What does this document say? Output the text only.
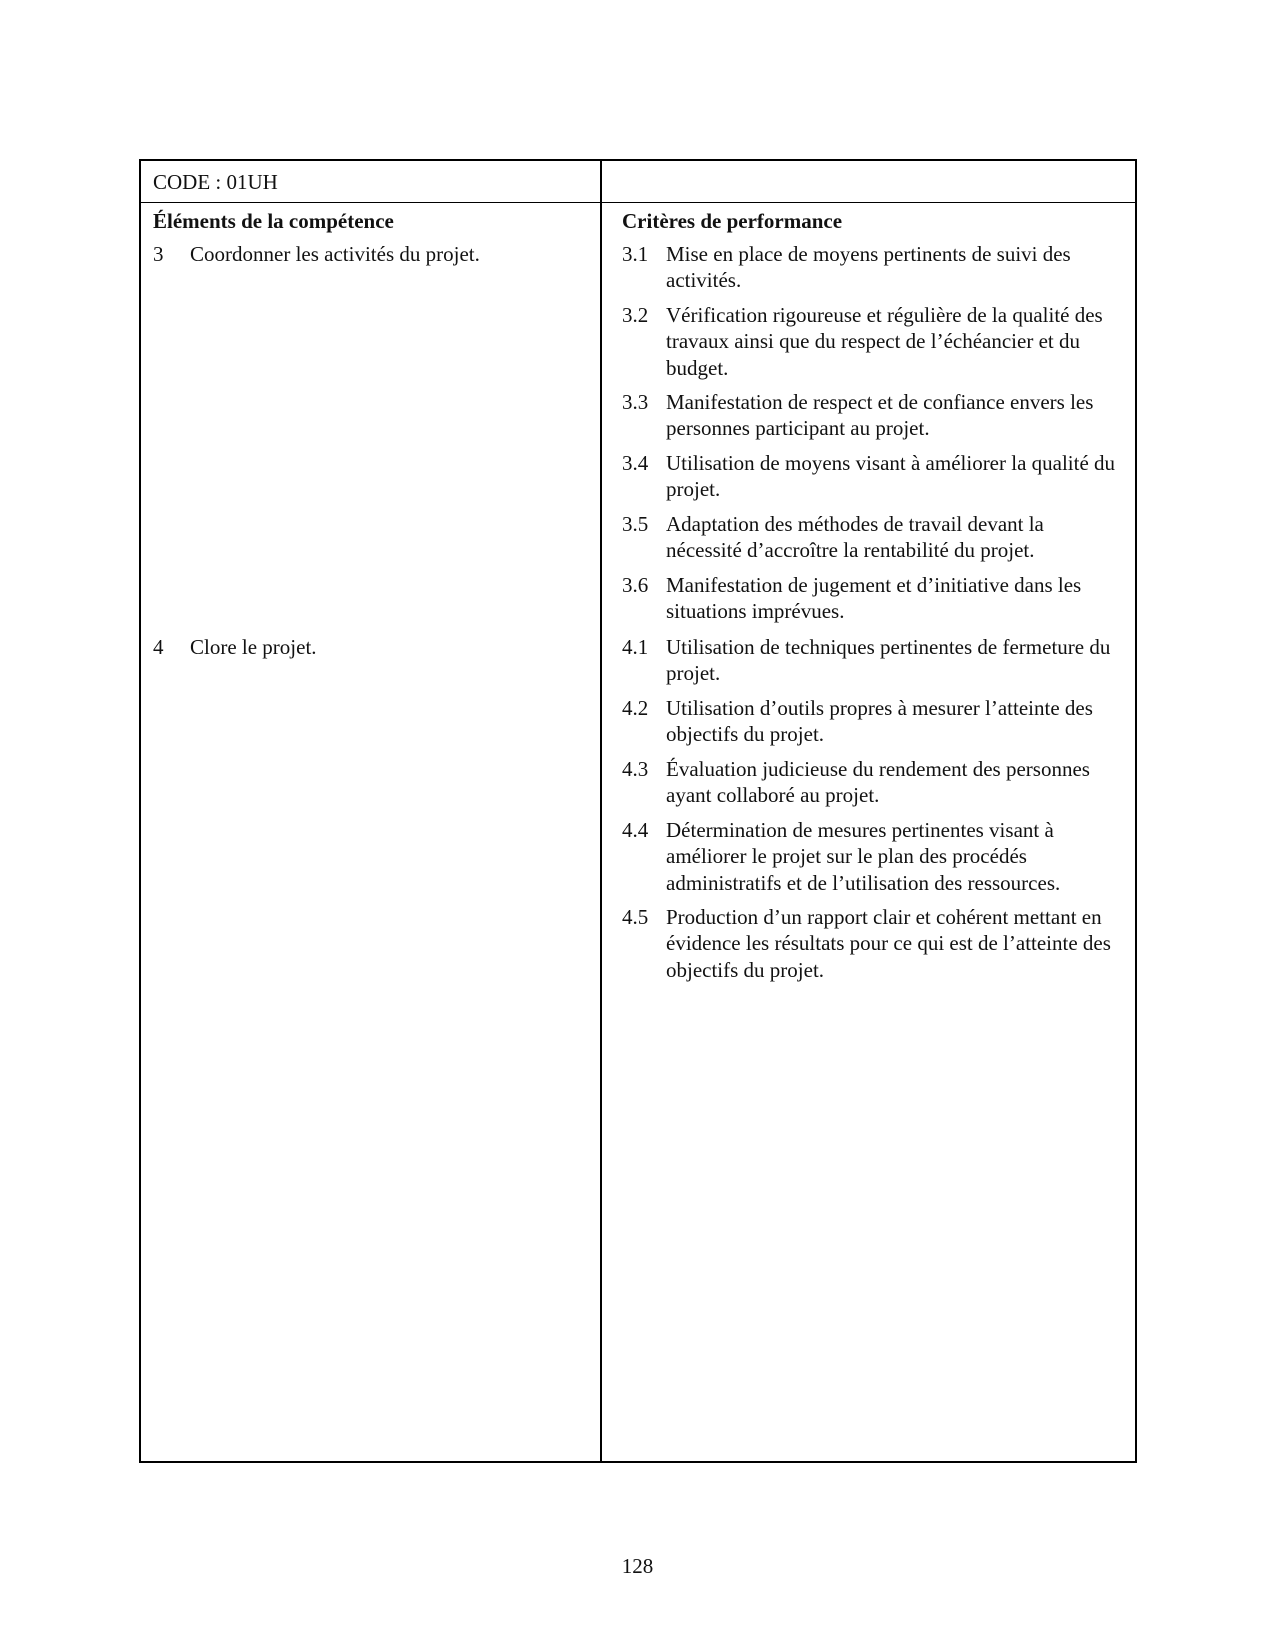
CODE : 01UH
Éléments de la compétence	Critères de performance
3 Coordonner les activités du projet.
4 Clore le projet.
3.1 Mise en place de moyens pertinents de suivi des activités.
3.2 Vérification rigoureuse et régulière de la qualité des travaux ainsi que du respect de l’échéancier et du budget.
3.3 Manifestation de respect et de confiance envers les personnes participant au projet.
3.4 Utilisation de moyens visant à améliorer la qualité du projet.
3.5 Adaptation des méthodes de travail devant la nécessité d’accroître la rentabilité du projet.
3.6 Manifestation de jugement et d’initiative dans les situations imprévues.
4.1 Utilisation de techniques pertinentes de fermeture du projet.
4.2 Utilisation d’outils propres à mesurer l’atteinte des objectifs du projet.
4.3 Évaluation judicieuse du rendement des personnes ayant collaboré au projet.
4.4 Détermination de mesures pertinentes visant à améliorer le projet sur le plan des procédés administratifs et de l’utilisation des ressources.
4.5 Production d’un rapport clair et cohérent mettant en évidence les résultats pour ce qui est de l’atteinte des objectifs du projet.
128
